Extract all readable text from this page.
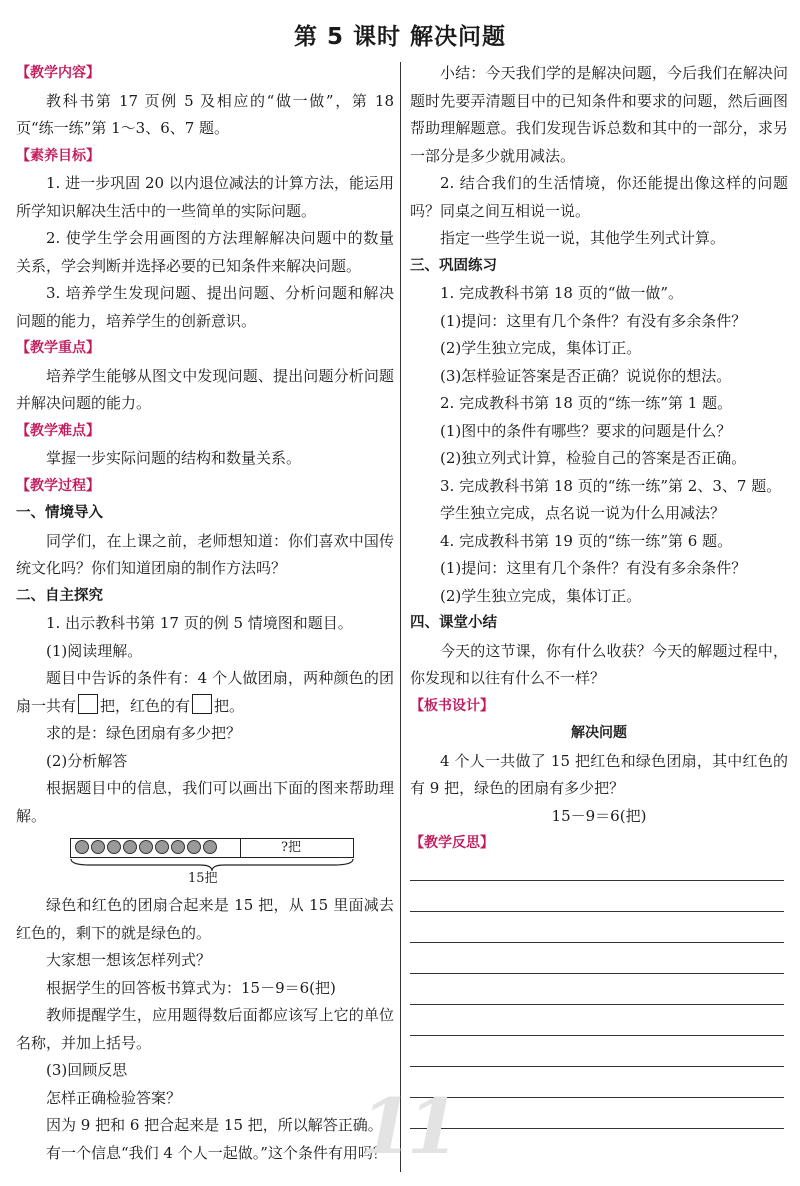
第 5 课时 解决问题
【教学内容】

教科书第 17 页例 5 及相应的“做一做”，第 18 页“练一练”第 1～3、6、7 题。

【素养目标】

1. 进一步巩固 20 以内退位减法的计算方法，能运用所学知识解决生活中的一些简单的实际问题。

2. 使学生学会用画图的方法理解解决问题中的数量关系，学会判断并选择必要的已知条件来解决问题。

3. 培养学生发现问题、提出问题、分析问题和解决问题的能力，培养学生的创新意识。

【教学重点】

培养学生能够从图文中发现问题、提出问题分析问题并解决问题的能力。

【教学难点】

掌握一步实际问题的结构和数量关系。

【教学过程】
一、情境导入

同学们，在上课之前，老师想知道：你们喜欢中国传统文化吗？你们知道团扇的制作方法吗？

二、自主探究

1. 出示教科书第 17 页的例 5 情境图和题目。

(1)阅读理解。

题目中告诉的条件有：4 个人做团扇，两种颜色的团扇一共有 把，红色的有 把。

求的是：绿色团扇有多少把？

(2)分析解答

根据题目中的信息，我们可以画出下面的图来帮助理解。

?把
15把

绿色和红色的团扇合起来是 15 把，从 15 里面减去红色的，剩下的就是绿色的。

大家想一想该怎样列式？

根据学生的回答板书算式为：15－9＝6(把)

教师提醒学生，应用题得数后面都应该写上它的单位名称，并加上括号。

(3)回顾反思

怎样正确检验答案？

因为 9 把和 6 把合起来是 15 把，所以解答正确。

有一个信息“我们 4 个人一起做。”这个条件有用吗？

小结：今天我们学的是解决问题，今后我们在解决问题时先要弄清题目中的已知条件和要求的问题，然后画图帮助理解题意。我们发现告诉总数和其中的一部分，求另一部分是多少就用减法。

2. 结合我们的生活情境，你还能提出像这样的问题吗？同桌之间互相说一说。

指定一些学生说一说，其他学生列式计算。

三、巩固练习

1. 完成教科书第 18 页的“做一做”。

(1)提问：这里有几个条件？有没有多余条件？

(2)学生独立完成，集体订正。

(3)怎样验证答案是否正确？说说你的想法。

2. 完成教科书第 18 页的“练一练”第 1 题。

(1)图中的条件有哪些？要求的问题是什么？

(2)独立列式计算，检验自己的答案是否正确。

3. 完成教科书第 18 页的“练一练”第 2、3、7 题。

学生独立完成，点名说一说为什么用减法？

4. 完成教科书第 19 页的“练一练”第 6 题。

(1)提问：这里有几个条件？有没有多余条件？

(2)学生独立完成，集体订正。

四、课堂小结

今天的这节课，你有什么收获？今天的解题过程中，你发现和以往有什么不一样？

【板书设计】

解决问题

4 个人一共做了 15 把红色和绿色团扇，其中红色的有 9 把，绿色的团扇有多少把？

15－9＝6(把)

【教学反思】
11
